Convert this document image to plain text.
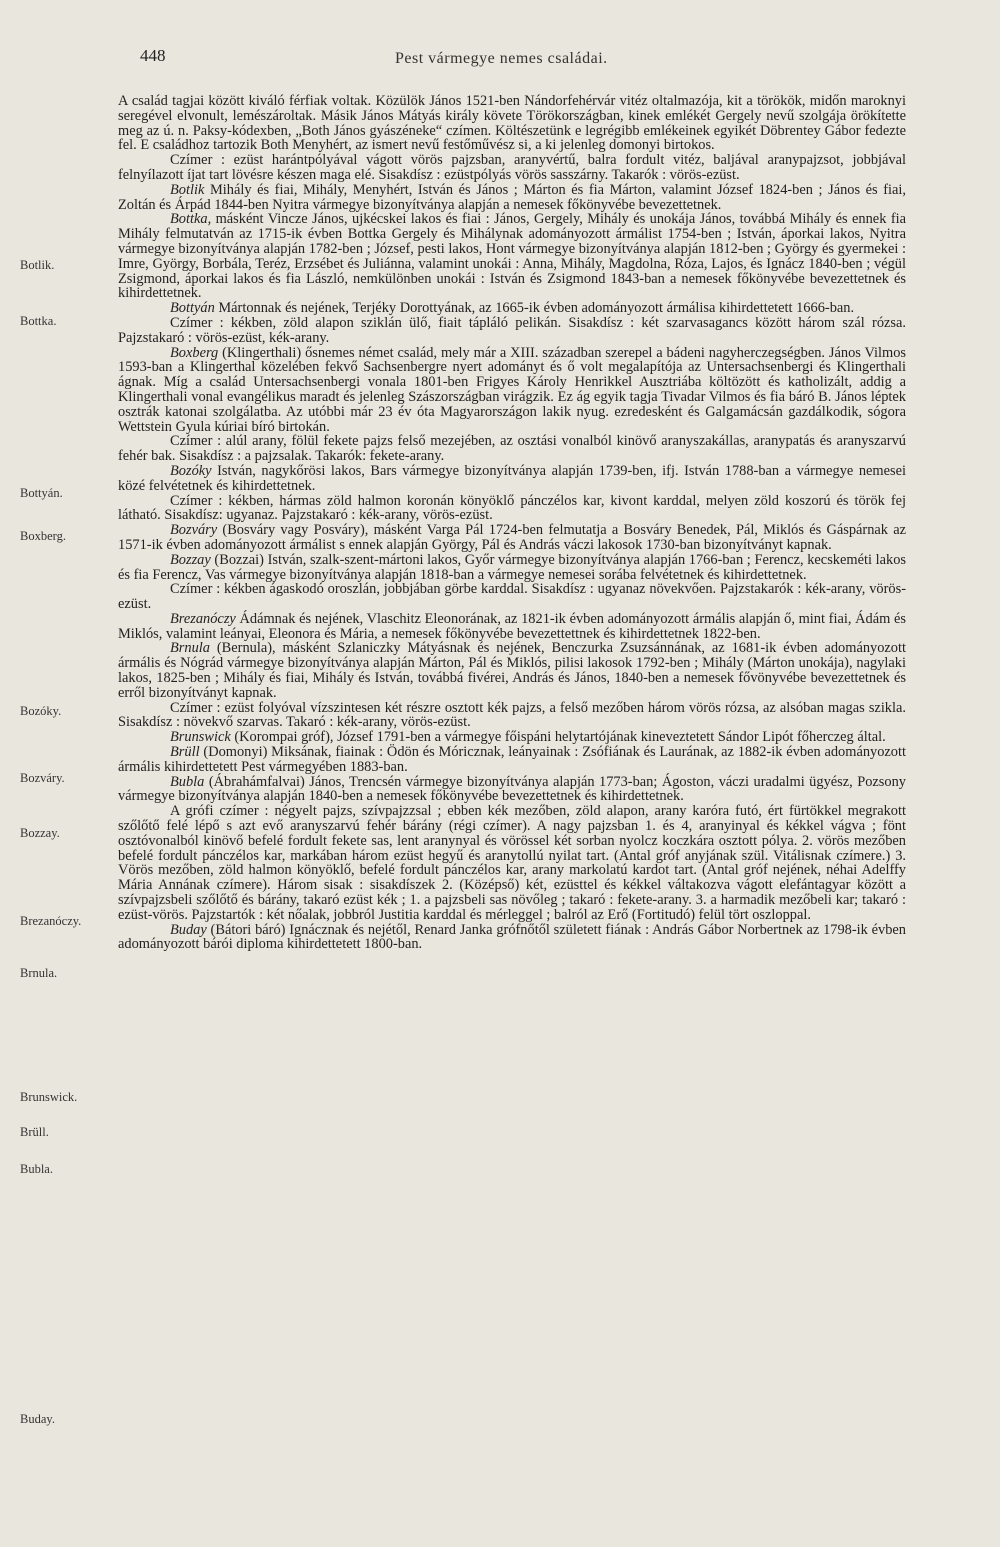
448	Pest vármegye nemes családai.
Botlik.
Bottka.
Bottyán.
Boxberg.
Bozóky.
Bozváry.
Bozzay.
Brezanóczy.
Brnula.
Brunswick.
Brüll.
Bubla.
Buday.

A család tagjai között kiváló férfiak voltak. Közülök János 1521-ben Nándorfehérvár vitéz oltalmazója, kit a törökök, midőn maroknyi seregével elvonult, lemészároltak. Másik János Mátyás király követe Törökországban, kinek emlékét Gergely nevű szolgája örökítette meg az ú. n. Paksy-kódexben, „Both János gyászéneke“ czímen. Költészetünk e legrégibb emlékeinek egyikét Döbrentey Gábor fedezte fel. E családhoz tartozik Both Menyhért, az ismert nevű festőművész si, a ki jelenleg domonyi birtokos.

Czímer : ezüst harántpólyával vágott vörös pajzsban, aranyvértű, balra fordult vitéz, baljával aranypajzsot, jobbjával felnyílazott íjat tart lövésre készen maga elé. Sisakdísz : ezüstpólyás vörös sasszárny. Takarók : vörös-ezüst.

Botlik Mihály és fiai, Mihály, Menyhért, István és János ; Márton és fia Márton, valamint József 1824-ben ; János és fiai, Zoltán és Árpád 1844-ben Nyitra vármegye bizonyítványa alapján a nemesek főkönyvébe bevezettetnek.

Bottka, másként Vincze János, ujkécskei lakos és fiai : János, Gergely, Mihály és unokája János, továbbá Mihály és ennek fia Mihály felmutatván az 1715-ik évben Bottka Gergely és Mihálynak adományozott ármálist 1754-ben ; István, áporkai lakos, Nyitra vármegye bizonyítványa alapján 1782-ben ; József, pesti lakos, Hont vármegye bizonyítványa alapján 1812-ben ; György és gyermekei : Imre, György, Borbála, Teréz, Erzsébet és Juliánna, valamint unokái : Anna, Mihály, Magdolna, Róza, Lajos, és Ignácz 1840-ben ; végül Zsigmond, áporkai lakos és fia László, nemkülönben unokái : István és Zsigmond 1843-ban a nemesek főkönyvébe bevezettetnek és kihirdettetnek.

Bottyán Mártonnak és nejének, Terjéky Dorottyának, az 1665-ik évben adományozott ármálisa kihirdettetett 1666-ban.

Czímer : kékben, zöld alapon sziklán ülő, fiait tápláló pelikán. Sisakdísz : két szarvasagancs között három szál rózsa. Pajzstakaró : vörös-ezüst, kék-arany.

Boxberg (Klingerthali) ősnemes német család, mely már a XIII. században szerepel a bádeni nagyherczegségben. János Vilmos 1593-ban a Klingerthal közelében fekvő Sachsenbergre nyert adományt és ő volt megalapítója az Untersachsenbergi és Klingerthali ágnak. Míg a család Untersachsenbergi vonala 1801-ben Frigyes Károly Henrikkel Ausztriába költözött és katholizált, addig a Klingerthali vonal evangélikus maradt és jelenleg Szászországban virágzik. Ez ág egyik tagja Tivadar Vilmos és fia báró B. János léptek osztrák katonai szolgálatba. Az utóbbi már 23 év óta Magyarországon lakik nyug. ezredesként és Galgamácsán gazdálkodik, sógora Wettstein Gyula kúriai bíró birtokán.

Czímer : alúl arany, fölül fekete pajzs felső mezejében, az osztási vonalból kinövő aranyszakállas, aranypatás és aranyszarvú fehér bak. Sisakdísz : a pajzsalak. Takarók: fekete-arany.

Bozóky István, nagykőrösi lakos, Bars vármegye bizonyítványa alapján 1739-ben, ifj. István 1788-ban a vármegye nemesei közé felvétetnek és kihirdettetnek.

Czímer : kékben, hármas zöld halmon koronán könyöklő pánczélos kar, kivont karddal, melyen zöld koszorú és török fej látható. Sisakdísz: ugyanaz. Pajzstakaró : kék-arany, vörös-ezüst.

Bozváry (Bosváry vagy Posváry), másként Varga Pál 1724-ben felmutatja a Bosváry Benedek, Pál, Miklós és Gáspárnak az 1571-ik évben adományozott ármálist s ennek alapján György, Pál és András váczi lakosok 1730-ban bizonyítványt kapnak.

Bozzay (Bozzai) István, szalk-szent-mártoni lakos, Győr vármegye bizonyítványa alapján 1766-ban ; Ferencz, kecskeméti lakos és fia Ferencz, Vas vármegye bizonyítványa alapján 1818-ban a vármegye nemesei sorába felvétetnek és kihirdettetnek.

Czímer : kékben ágaskodó oroszlán, jobbjában görbe karddal. Sisakdísz : ugyanaz növekvően. Pajzstakarók : kék-arany, vörös-ezüst.

Brezanóczy Ádámnak és nejének, Vlaschitz Eleonorának, az 1821-ik évben adományozott ármális alapján ő, mint fiai, Ádám és Miklós, valamint leányai, Eleonora és Mária, a nemesek főkönyvébe bevezettettnek és kihirdettetnek 1822-ben.

Brnula (Bernula), másként Szlaniczky Mátyásnak és nejének, Benczurka Zsuzsánnának, az 1681-ik évben adományozott ármális és Nógrád vármegye bizonyítványa alapján Márton, Pál és Miklós, pilisi lakosok 1792-ben ; Mihály (Márton unokája), nagylaki lakos, 1825-ben ; Mihály és fiai, Mihály és István, továbbá fivérei, András és János, 1840-ben a nemesek fővönyvébe bevezettetnek és erről bizonyítványt kapnak.

Czímer : ezüst folyóval vízszintesen két részre osztott kék pajzs, a felső mezőben három vörös rózsa, az alsóban magas szikla. Sisakdísz : növekvő szarvas. Takaró : kék-arany, vörös-ezüst.

Brunswick (Korompai gróf), József 1791-ben a vármegye főispáni helytartójának kineveztetett Sándor Lipót főherczeg által.

Brüll (Domonyi) Miksának, fiainak : Ödön és Móricznak, leányainak : Zsófiának és Laurának, az 1882-ik évben adományozott ármális kihirdettetett Pest vármegyében 1883-ban.

Bubla (Ábrahámfalvai) János, Trencsén vármegye bizonyítványa alapján 1773-ban; Ágoston, váczi uradalmi ügyész, Pozsony vármegye bizonyítványa alapján 1840-ben a nemesek főkönyvébe bevezettetnek és kihirdettetnek.

A grófi czímer : négyelt pajzs, szívpajzzsal ; ebben kék mezőben, zöld alapon, arany karóra futó, ért fürtökkel megrakott szőlőtő felé lépő s azt evő aranyszarvú fehér bárány (régi czímer). A nagy pajzsban 1. és 4, aranyinyal és kékkel vágva ; fönt osztóvonalból kinövő befelé fordult fekete sas, lent aranynyal és vörössel két sorban nyolcz koczkára osztott pólya. 2. vörös mezőben befelé fordult pánczélos kar, markában három ezüst hegyű és aranytollú nyilat tart. (Antal gróf anyjának szül. Vitálisnak czímere.) 3. Vörös mezőben, zöld halmon könyöklő, befelé fordult pánczélos kar, arany markolatú kardot tart. (Antal gróf nejének, néhai Adelffy Mária Annának czímere). Három sisak : sisakdíszek 2. (Középső) két, ezüsttel és kékkel váltakozva vágott elefántagyar között a szívpajzsbeli szőlőtő és bárány, takaró ezüst kék ; 1. a pajzsbeli sas növőleg ; takaró : fekete-arany. 3. a harmadik mezőbeli kar; takaró : ezüst-vörös. Pajzstartók : két nőalak, jobbról Justitia karddal és mérleggel ; balról az Erő (Fortitudó) felül tört oszloppal.

Buday (Bátori báró) Ignácznak és nejétől, Renard Janka grófnőtől született fiának : András Gábor Norbertnek az 1798-ik évben adományozott bárói diploma kihirdettetett 1800-ban.
